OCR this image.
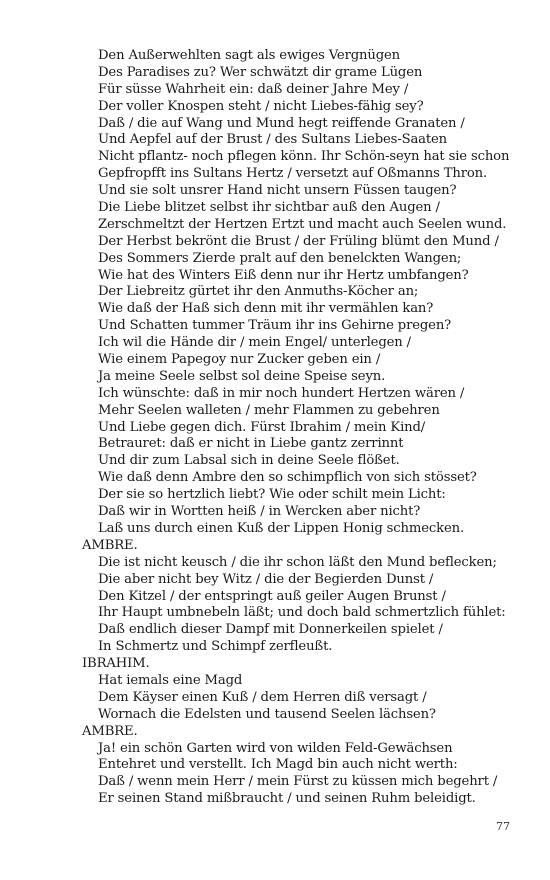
Den Außerwehlten sagt als ewiges Vergnügen
Des Paradises zu? Wer schwätzt dir grame Lügen
Für süsse Wahrheit ein: daß deiner Jahre Mey /
Der voller Knospen steht / nicht Liebes-fähig sey?
Daß / die auf Wang und Mund hegt reiffende Granaten /
Und Aepfel auf der Brust / des Sultans Liebes-Saaten
Nicht pflantz- noch pflegen könn. Ihr Schön-seyn hat sie schon
Gepfropfft ins Sultans Hertz / versetzt auf Oßmanns Thron.
Und sie solt unsrer Hand nicht unsern Füssen taugen?
Die Liebe blitzet selbst ihr sichtbar auß den Augen /
Zerschmeltzt der Hertzen Ertzt und macht auch Seelen wund.
Der Herbst bekrönt die Brust / der Früling blümt den Mund /
Des Sommers Zierde pralt auf den benelckten Wangen;
Wie hat des Winters Eiß denn nur ihr Hertz umbfangen?
Der Liebreitz gürtet ihr den Anmuths-Köcher an;
Wie daß der Haß sich denn mit ihr vermählen kan?
Und Schatten tummer Träum ihr ins Gehirne pregen?
Ich wil die Hände dir / mein Engel/ unterlegen /
Wie einem Papegoy nur Zucker geben ein /
Ja meine Seele selbst sol deine Speise seyn.
Ich wünschte: daß in mir noch hundert Hertzen wären /
Mehr Seelen walleten / mehr Flammen zu gebehren
Und Liebe gegen dich. Fürst Ibrahim / mein Kind/
Betrauret: daß er nicht in Liebe gantz zerrinnt
Und dir zum Labsal sich in deine Seele flößet.
Wie daß denn Ambre den so schimpflich von sich stösset?
Der sie so hertzlich liebt? Wie oder schilt mein Licht:
Daß wir in Wortten heiß / in Wercken aber nicht?
Laß uns durch einen Kuß der Lippen Honig schmecken.
AMBRE.
Die ist nicht keusch / die ihr schon läßt den Mund beflecken;
Die aber nicht bey Witz / die der Begierden Dunst /
Den Kitzel / der entspringt auß geiler Augen Brunst /
Ihr Haupt umbnebeln läßt; und doch bald schmertzlich fühlet:
Daß endlich dieser Dampf mit Donnerkeilen spielet /
In Schmertz und Schimpf zerfleußt.
IBRAHIM.
Hat iemals eine Magd
Dem Käyser einen Kuß / dem Herren diß versagt /
Wornach die Edelsten und tausend Seelen lächsen?
AMBRE.
Ja! ein schön Garten wird von wilden Feld-Gewächsen
Entehret und verstellt. Ich Magd bin auch nicht werth:
Daß / wenn mein Herr / mein Fürst zu küssen mich begehrt /
Er seinen Stand mißbraucht / und seinen Ruhm beleidigt.
77
